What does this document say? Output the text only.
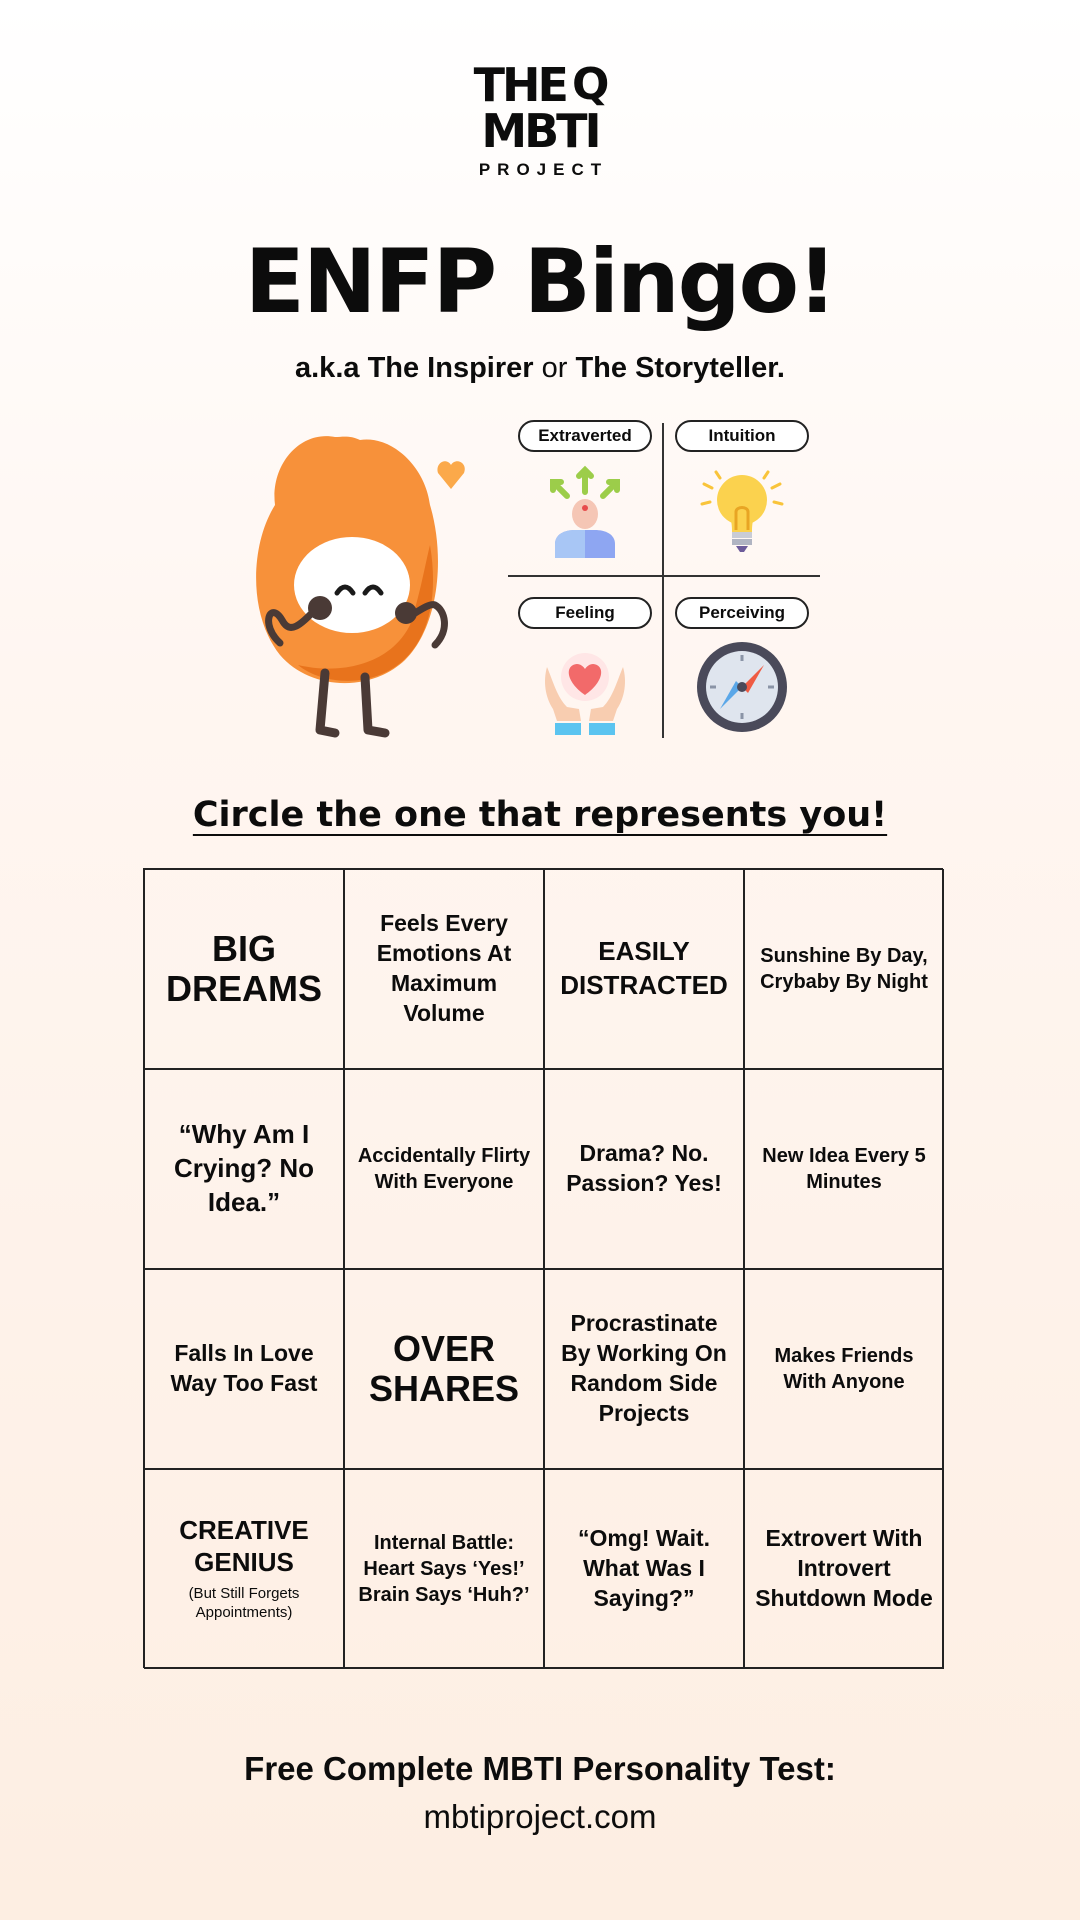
THE Q
MBTI
PROJECT
ENFP Bingo!
a.k.a The Inspirer or The Storyteller.
Extraverted	Intuition
Feeling	Perceiving
Circle the one that represents you!
BIG DREAMS
Feels Every Emotions At Maximum Volume
EASILY DISTRACTED
Sunshine By Day, Crybaby By Night
“Why Am I Crying? No Idea.”
Accidentally Flirty With Everyone
Drama? No. Passion? Yes!
New Idea Every 5 Minutes
Falls In Love Way Too Fast
OVER SHARES
Procrastinate By Working On Random Side Projects
Makes Friends With Anyone
CREATIVE GENIUS
(But Still Forgets Appointments)
Internal Battle: Heart Says ‘Yes!’ Brain Says ‘Huh?’
“Omg! Wait. What Was I Saying?”
Extrovert With Introvert Shutdown Mode
Free Complete MBTI Personality Test:
mbtiproject.com
